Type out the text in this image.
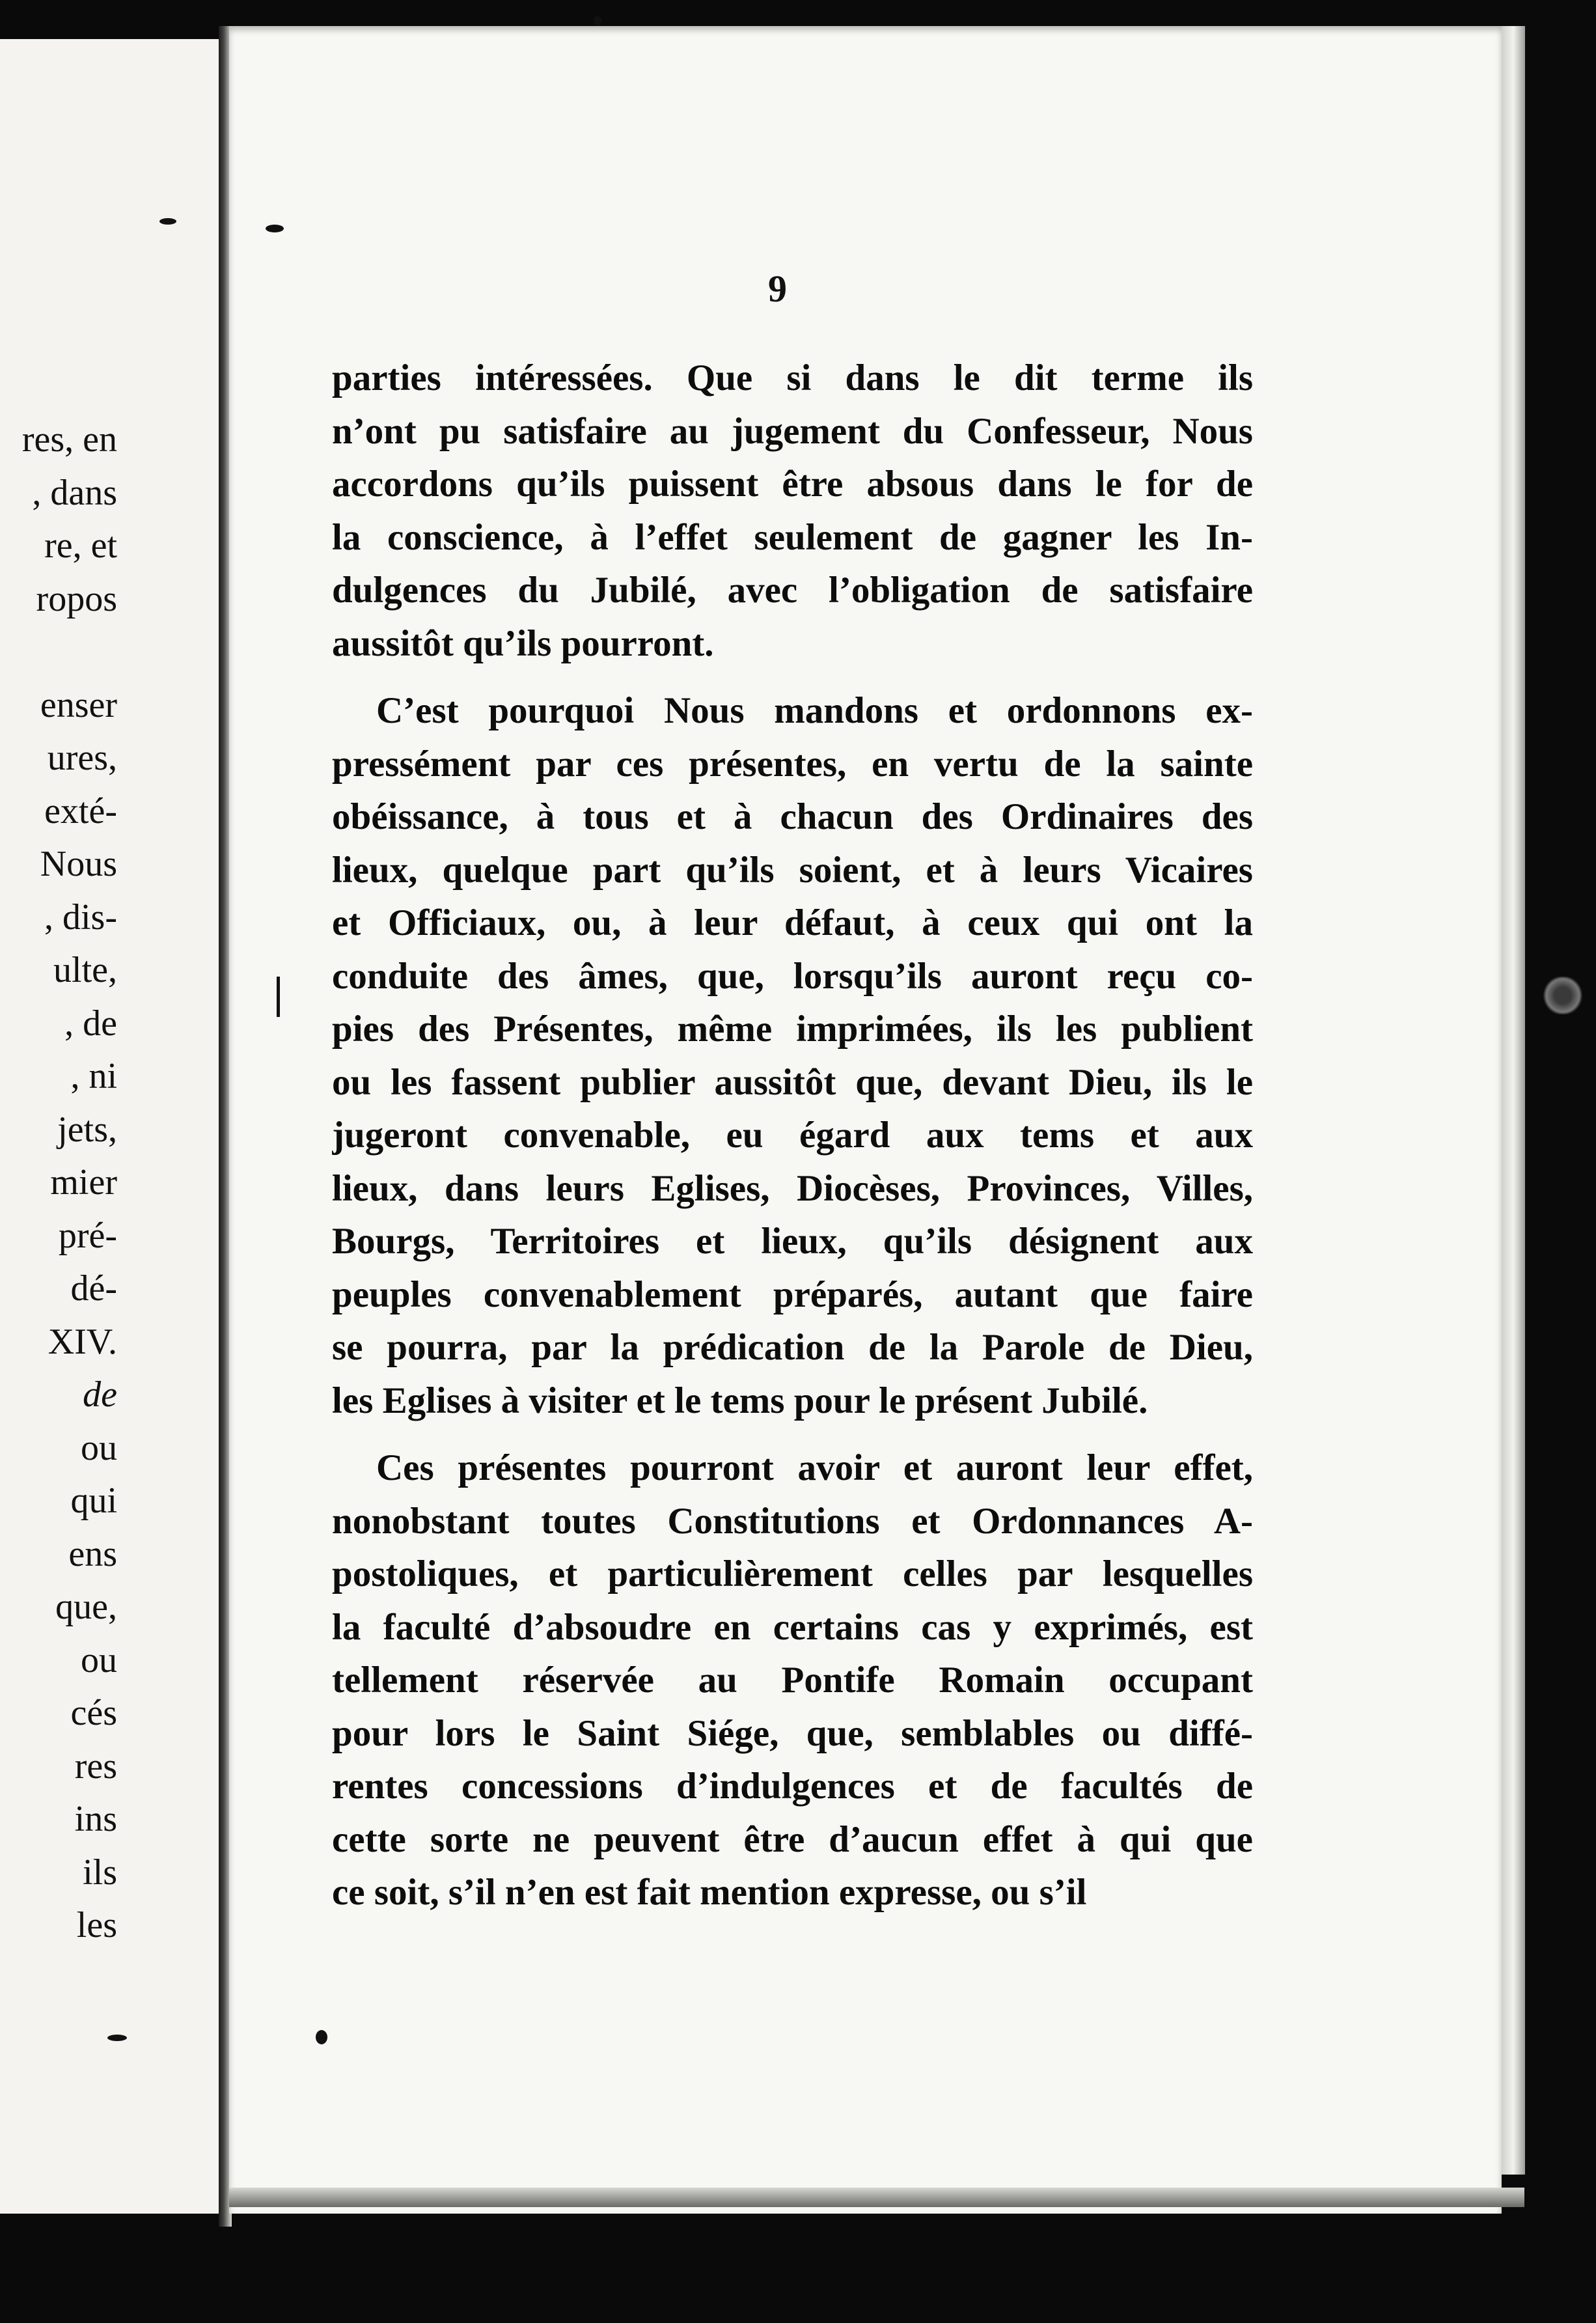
res, en
, dans
re, et
ropos

enser
ures,
exté-
Nous
, dis-
ulte,
, de
, ni
jets,
mier
pré-
dé-
XIV.
de
ou
qui
ens
que,
ou
cés
res
ins
ils
les
9

parties intéressées. Que si dans le dit terme ils
n’ont pu satisfaire au jugement du Confesseur, Nous
accordons qu’ils puissent être absous dans le for de
la conscience, à l’effet seulement de gagner les In-
dulgences du Jubilé, avec l’obligation de satisfaire
aussitôt qu’ils pourront.

C’est pourquoi Nous mandons et ordonnons ex-
pressément par ces présentes, en vertu de la sainte
obéissance, à tous et à chacun des Ordinaires des
lieux, quelque part qu’ils soient, et à leurs Vicaires
et Officiaux, ou, à leur défaut, à ceux qui ont la
conduite des âmes, que, lorsqu’ils auront reçu co-
pies des Présentes, même imprimées, ils les publient
ou les fassent publier aussitôt que, devant Dieu, ils le
jugeront convenable, eu égard aux tems et aux
lieux, dans leurs Eglises, Diocèses, Provinces, Villes,
Bourgs, Territoires et lieux, qu’ils désignent aux
peuples convenablement préparés, autant que faire
se pourra, par la prédication de la Parole de Dieu,
les Eglises à visiter et le tems pour le présent Jubilé.

Ces présentes pourront avoir et auront leur effet,
nonobstant toutes Constitutions et Ordonnances A-
postoliques, et particulièrement celles par lesquelles
la faculté d’absoudre en certains cas y exprimés, est
tellement réservée au Pontife Romain occupant
pour lors le Saint Siége, que, semblables ou diffé-
rentes concessions d’indulgences et de facultés de
cette sorte ne peuvent être d’aucun effet à qui que
ce soit, s’il n’en est fait mention expresse, ou s’il
